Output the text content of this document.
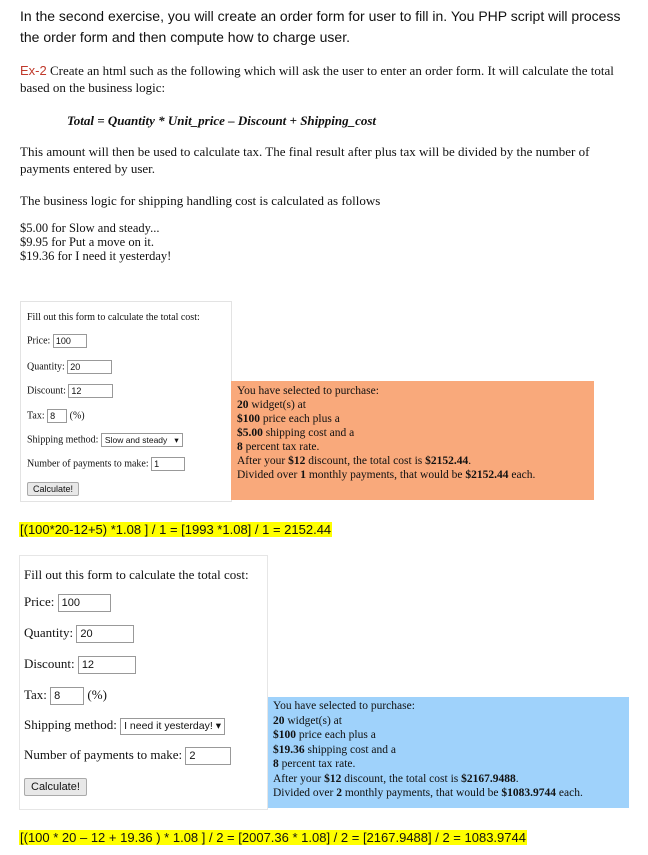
In the second exercise, you will create an order form for user to fill in. You PHP script will process the order form and then compute how to charge user.
Ex-2 Create an html such as the following which will ask the user to enter an order form. It will calculate the total based on the business logic:
Total = Quantity * Unit_price – Discount + Shipping_cost
This amount will then be used to calculate tax. The final result after plus tax will be divided by the number of payments entered by user.
The business logic for shipping handling cost is calculated as follows
$5.00 for Slow and steady...
$9.95 for Put a move on it.
$19.36 for I need it yesterday!
Fill out this form to calculate the total cost:
Price: 100
Quantity: 20
Discount: 12
Tax: 8 (%)
Shipping method: Slow and steady ▾
Number of payments to make: 1
Calculate!
You have selected to purchase:
20 widget(s) at
$100 price each plus a
$5.00 shipping cost and a
8 percent tax rate.
After your $12 discount, the total cost is $2152.44.
Divided over 1 monthly payments, that would be $2152.44 each.
[(100*20-12+5) *1.08 ] / 1 = [1993 *1.08] / 1 = 2152.44
Fill out this form to calculate the total cost:
Price: 100
Quantity: 20
Discount: 12
Tax: 8 (%)
Shipping method: I need it yesterday! ▾
Number of payments to make: 2
Calculate!
You have selected to purchase:
20 widget(s) at
$100 price each plus a
$19.36 shipping cost and a
8 percent tax rate.
After your $12 discount, the total cost is $2167.9488.
Divided over 2 monthly payments, that would be $1083.9744 each.
[(100 * 20 – 12 + 19.36 ) * 1.08 ] / 2 = [2007.36 * 1.08] / 2 = [2167.9488] / 2 = 1083.9744
